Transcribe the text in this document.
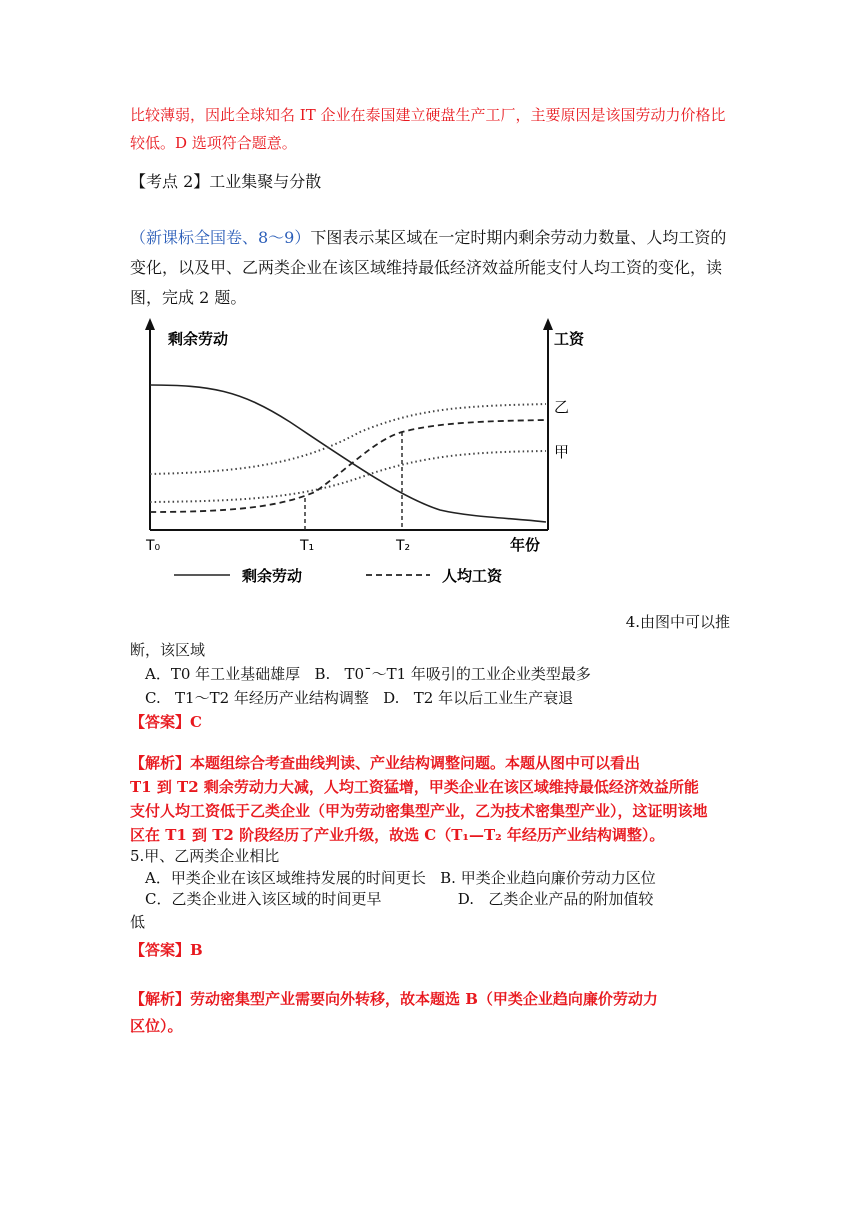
比较薄弱，因此全球知名 IT 企业在泰国建立硬盘生产工厂，主要原因是该国劳动力价格比较低。D 选项符合题意。

【考点 2】工业集聚与分散

（新课标全国卷、8～9）下图表示某区域在一定时期内剩余劳动力数量、人均工资的变化，以及甲、乙两类企业在该区域维持最低经济效益所能支付人均工资的变化，读图，完成 2 题。

剩余劳动	工资
乙
甲
T₀	T₁	T₂	年份
剩余劳动	人均工资

4.由图中可以推

断，该区域

A．T0 年工业基础雄厚   B.   T0¯～T1 年吸引的工业企业类型最多

C.   T1～T2 年经历产业结构调整   D.   T2 年以后工业生产衰退

【答案】C

【解析】本题组综合考查曲线判读、产业结构调整问题。本题从图中可以看出

T1 到 T2 剩余劳动力大减，人均工资猛增，甲类企业在该区域维持最低经济效益所能

支付人均工资低于乙类企业（甲为劳动密集型产业，乙为技术密集型产业），这证明该地

区在 T1 到 T2 阶段经历了产业升级，故选 C（T₁—T₂ 年经历产业结构调整）。

5.甲、乙两类企业相比

A．甲类企业在该区域维持发展的时间更长   B. 甲类企业趋向廉价劳动力区位

C．乙类企业进入该区域的时间更早                D.   乙类企业产品的附加值较

低

【答案】B

【解析】劳动密集型产业需要向外转移，故本题选 B（甲类企业趋向廉价劳动力

区位）。
